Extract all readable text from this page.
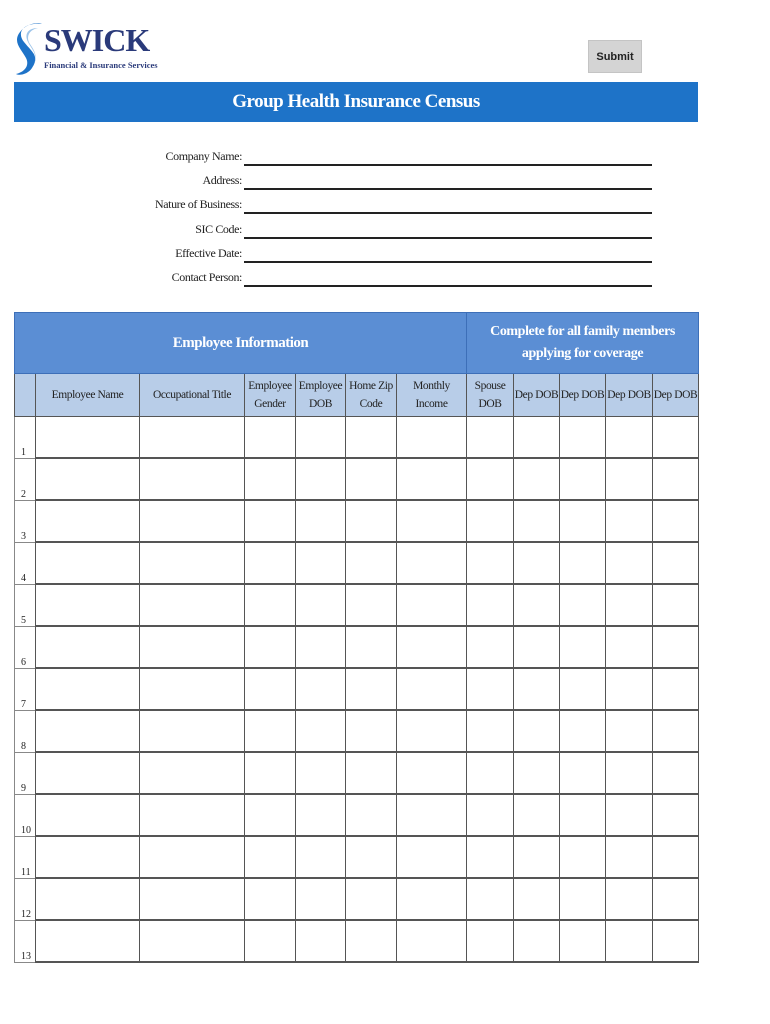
SWICK
Financial & Insurance Services
Submit
Group Health Insurance Census
Company Name:
Address:
Nature of Business:
SIC Code:
Effective Date:
Contact Person:
Employee Information							Complete for all family members applying for coverage				
	Employee Name	Occupational Title	Employee Gender	Employee DOB	Home Zip Code	Monthly Income	Spouse DOB	Dep DOB	Dep DOB	Dep DOB	Dep DOB
1											
2											
3											
4											
5											
6											
7											
8											
9											
10											
11											
12											
13											
